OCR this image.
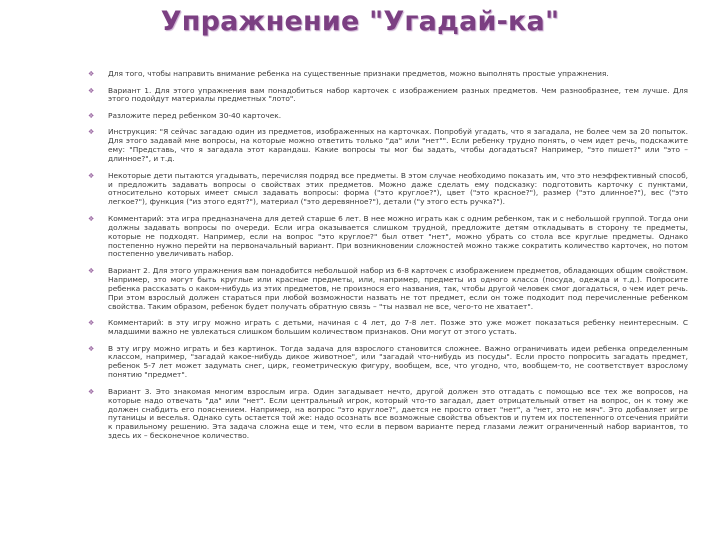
Упражнение "Угадай-ка"
❖ Для того, чтобы направить внимание ребенка на существенные признаки предметов, можно выполнять простые упражнения.
❖ Вариант 1. Для этого упражнения вам понадобиться набор карточек с изображением разных предметов. Чем разнообразнее, тем лучше. Для этого подойдут материалы предметных "лото".
❖ Разложите перед ребенком 30-40 карточек.
❖ Инструкция: "Я сейчас загадаю один из предметов, изображенных на карточках. Попробуй угадать, что я загадала, не более чем за 20 попыток. Для этого задавай мне вопросы, на которые можно ответить только "да" или "нет"". Если ребенку трудно понять, о чем идет речь, подскажите ему: "Представь, что я загадала этот карандаш. Какие вопросы ты мог бы задать, чтобы догадаться? Например, "это пишет?" или "это – длинное?", и т.д.
❖ Некоторые дети пытаются угадывать, перечисляя подряд все предметы. В этом случае необходимо показать им, что это неэффективный способ, и предложить задавать вопросы о свойствах этих предметов. Можно даже сделать ему подсказку: подготовить карточку с пунктами, относительно которых имеет смысл задавать вопросы: форма ("это круглое?"), цвет ("это красное?"), размер ("это длинное?"), вес ("это легкое?"), функция ("из этого едят?"), материал ("это деревянное?"), детали ("у этого есть ручка?").
❖ Комментарий: эта игра предназначена для детей старше 6 лет. В нее можно играть как с одним ребенком, так и с небольшой группой. Тогда они должны задавать вопросы по очереди. Если игра оказывается слишком трудной, предложите детям откладывать в сторону те предметы, которые не подходят. Например, если на вопрос "это круглое?" был ответ "нет", можно убрать со стола все круглые предметы. Однако постепенно нужно перейти на первоначальный вариант. При возникновении сложностей можно также сократить количество карточек, но потом постепенно увеличивать набор.
❖ Вариант 2. Для этого упражнения вам понадобится небольшой набор из 6-8 карточек с изображением предметов, обладающих общим свойством. Например, это могут быть круглые или красные предметы, или, например, предметы из одного класса (посуда, одежда и т.д.). Попросите ребенка рассказать о каком-нибудь из этих предметов, не произнося его названия, так, чтобы другой человек смог догадаться, о чем идет речь. При этом взрослый должен стараться при любой возможности назвать не тот предмет, если он тоже подходит под перечисленные ребенком свойства. Таким образом, ребенок будет получать обратную связь – "ты назвал не все, чего-то не хватает".
❖ Комментарий: в эту игру можно играть с детьми, начиная с 4 лет, до 7-8 лет. Позже это уже может показаться ребенку неинтересным. С младшими важно не увлекаться слишком большим количеством признаков. Они могут от этого устать.
❖ В эту игру можно играть и без картинок. Тогда задача для взрослого становится сложнее. Важно ограничивать идеи ребенка определенным классом, например, "загадай какое-нибудь дикое животное", или "загадай что-нибудь из посуды". Если просто попросить загадать предмет, ребенок 5-7 лет может задумать снег, цирк, геометрическую фигуру, вообщем, все, что угодно, что, вообщем-то, не соответствует взрослому понятию "предмет".
❖ Вариант 3. Это знакомая многим взрослым игра. Один загадывает нечто, другой должен это отгадать с помощью все тех же вопросов, на которые надо отвечать "да" или "нет". Если центральный игрок, который что-то загадал, дает отрицательный ответ на вопрос, он к тому же должен снабдить его пояснением. Например, на вопрос "это круглое?", дается не просто ответ "нет", а "нет, это не мяч". Это добавляет игре путаницы и веселья. Однако суть остается той же: надо осознать все возможные свойства объектов и путем их постепенного отсечения прийти к правильному решению. Эта задача сложна еще и тем, что если в первом варианте перед глазами лежит ограниченный набор вариантов, то здесь их – бесконечное количество.
